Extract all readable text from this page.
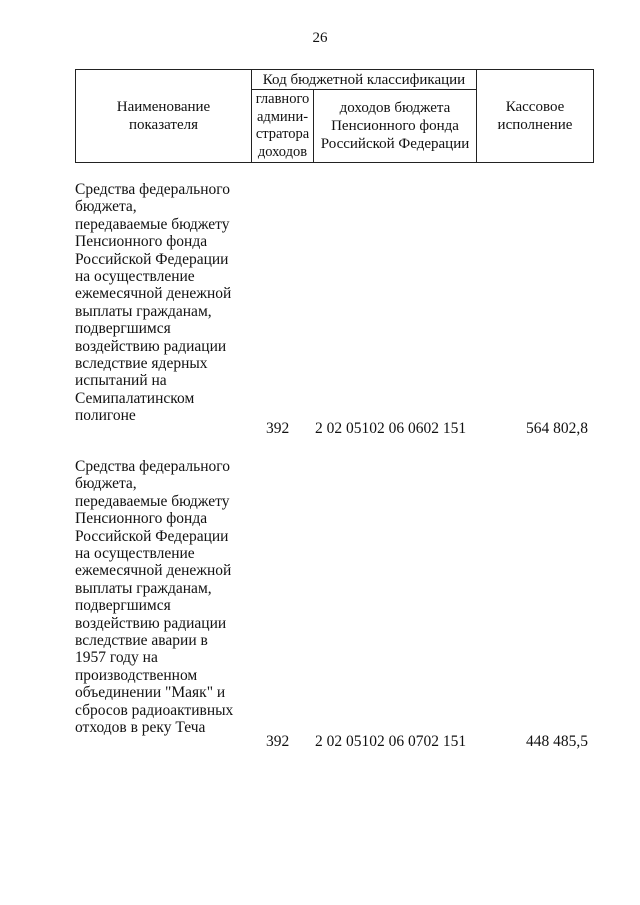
26
Наименование
показателя
Код бюджетной классификации
главного
админи-
стратора
доходов
доходов бюджета
Пенсионного фонда
Российской Федерации
Кассовое
исполнение
Средства федерального
бюджета,
передаваемые бюджету
Пенсионного фонда
Российской Федерации
на осуществление
ежемесячной денежной
выплаты гражданам,
подвергшимся
воздействию радиации
вследствие ядерных
испытаний на
Семипалатинском
полигоне
392 2 02 05102 06 0602 151	564 802,8
Средства федерального
бюджета,
передаваемые бюджету
Пенсионного фонда
Российской Федерации
на осуществление
ежемесячной денежной
выплаты гражданам,
подвергшимся
воздействию радиации
вследствие аварии в
1957 году на
производственном
объединении "Маяк" и
сбросов радиоактивных
отходов в реку Теча
392 2 02 05102 06 0702 151	448 485,5
